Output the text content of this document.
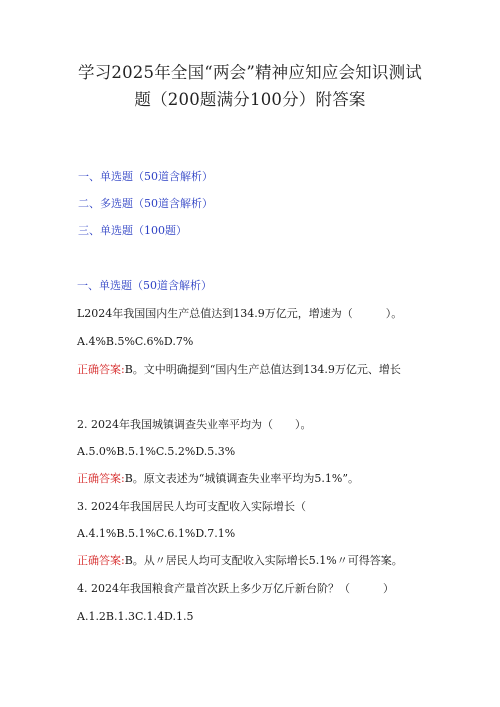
学习2025年全国“两会”精神应知应会知识测试
题（200题满分100分）附答案
一、单选题（50道含解析）
二、多选题（50道含解析）
三、单选题（100题）
一、单选题（50道含解析）
L2024年我国国内生产总值达到134.9万亿元，增速为（　　　）。
A.4%B.5%C.6%D.7%
正确答案:B。文中明确提到“国内生产总值达到134.9万亿元、增长
2. 2024年我国城镇调查失业率平均为（　　）。
A.5.0%B.5.1%C.5.2%D.5.3%
正确答案:B。原文表述为“城镇调查失业率平均为5.1%”。
3. 2024年我国居民人均可支配收入实际增长（
A.4.1%B.5.1%C.6.1%D.7.1%
正确答案:B。从〃居民人均可支配收入实际增长5.1%〃可得答案。
4. 2024年我国粮食产量首次跃上多少万亿斤新台阶？（　　　）
A.1.2B.1.3C.1.4D.1.5
